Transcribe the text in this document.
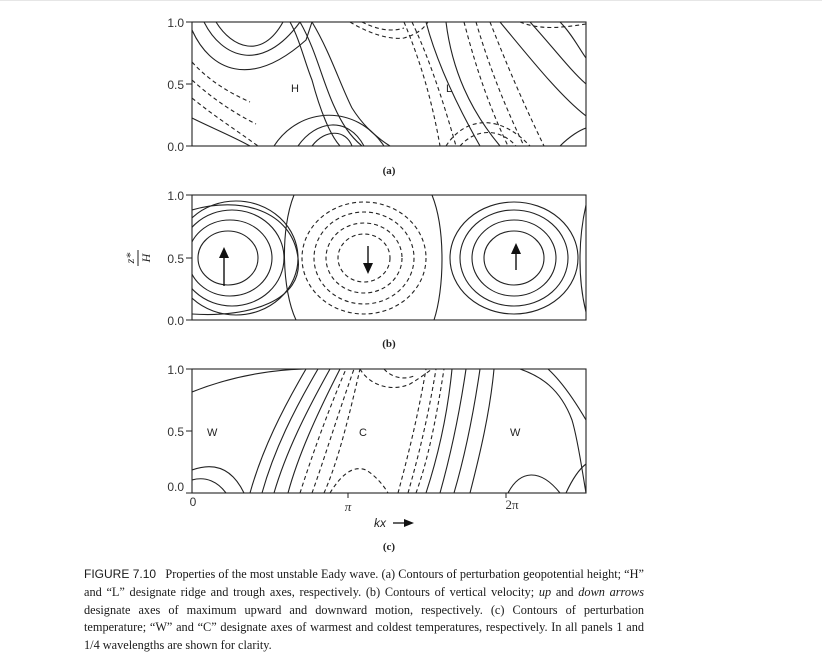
1.0
0.5
0.0
H	L
(a)
1.0
0.5
0.0
(b)
z* H
1.0
0.5
0.0
W	C	W
0	π	2π
kx
(c)
FIGURE 7.10 Properties of the most unstable Eady wave. (a) Contours of perturbation geopotential height; “H” and “L” designate ridge and trough axes, respectively. (b) Contours of vertical velocity; up and down arrows designate axes of maximum upward and downward motion, respectively. (c) Contours of perturbation temperature; “W” and “C” designate axes of warmest and coldest temperatures, respectively. In all panels 1 and 1/4 wavelengths are shown for clarity.
